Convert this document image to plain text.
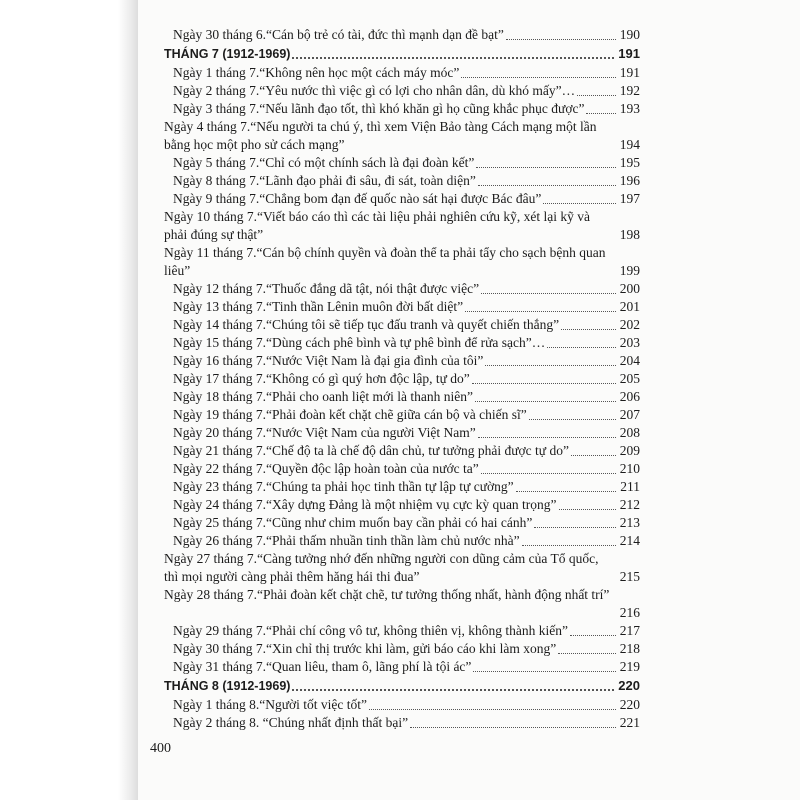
Ngày 30 tháng 6.“Cán bộ trẻ có tài, đức thì mạnh dạn đề bạt”	190
THÁNG 7 (1912-1969)	191
Ngày 1 tháng 7.“Không nên học một cách máy móc”	191
Ngày 2 tháng 7.“Yêu nước thì việc gì có lợi cho nhân dân, dù khó mấy”…	192
Ngày 3 tháng 7.“Nếu lãnh đạo tốt, thì khó khăn gì họ cũng khắc phục được”	193
Ngày 4 tháng 7.“Nếu người ta chú ý, thì xem Viện Bảo tàng Cách mạng một lần bằng học một pho sử cách mạng”	194
Ngày 5 tháng 7.“Chỉ có một chính sách là đại đoàn kết”	195
Ngày 8 tháng 7.“Lãnh đạo phải đi sâu, đi sát, toàn diện”	196
Ngày 9 tháng 7.“Chẳng bom đạn đế quốc nào sát hại được Bác đâu”	197
Ngày 10 tháng 7.“Viết báo cáo thì các tài liệu phải nghiên cứu kỹ, xét lại kỹ và phải đúng sự thật”	198
Ngày 11 tháng 7.“Cán bộ chính quyền và đoàn thể ta phải tẩy cho sạch bệnh quan liêu”	199
Ngày 12 tháng 7.“Thuốc đắng dã tật, nói thật được việc”	200
Ngày 13 tháng 7.“Tinh thần Lênin muôn đời bất diệt”	201
Ngày 14 tháng 7.“Chúng tôi sẽ tiếp tục đấu tranh và quyết chiến thắng”	202
Ngày 15 tháng 7.“Dùng cách phê bình và tự phê bình để rửa sạch”…	203
Ngày 16 tháng 7.“Nước Việt Nam là đại gia đình của tôi”	204
Ngày 17 tháng 7.“Không có gì quý hơn độc lập, tự do”	205
Ngày 18 tháng 7.“Phải cho oanh liệt mới là thanh niên”	206
Ngày 19 tháng 7.“Phải đoàn kết chặt chẽ giữa cán bộ và chiến sĩ”	207
Ngày 20 tháng 7.“Nước Việt Nam của người Việt Nam”	208
Ngày 21 tháng 7.“Chế độ ta là chế độ dân chủ, tư tưởng phải được tự do”	209
Ngày 22 tháng 7.“Quyền độc lập hoàn toàn của nước ta”	210
Ngày 23 tháng 7.“Chúng ta phải học tinh thần tự lập tự cường”	211
Ngày 24 tháng 7.“Xây dựng Đảng là một nhiệm vụ cực kỳ quan trọng”	212
Ngày 25 tháng 7.“Cũng như chim muốn bay cần phải có hai cánh”	213
Ngày 26 tháng 7.“Phải thấm nhuần tinh thần làm chủ nước nhà”	214
Ngày 27 tháng 7.“Càng tưởng nhớ đến những người con dũng cảm của Tổ quốc, thì mọi người càng phải thêm hăng hái thi đua”	215
Ngày 28 tháng 7.“Phải đoàn kết chặt chẽ, tư tưởng thống nhất, hành động nhất trí”
216
Ngày 29 tháng 7.“Phải chí công vô tư, không thiên vị, không thành kiến”	217
Ngày 30 tháng 7.“Xin chỉ thị trước khi làm, gửi báo cáo khi làm xong”	218
Ngày 31 tháng 7.“Quan liêu, tham ô, lãng phí là tội ác”	219
THÁNG 8 (1912-1969)	220
Ngày 1 tháng 8.“Người tốt việc tốt”	220
Ngày 2 tháng 8. “Chúng nhất định thất bại”	221
400
